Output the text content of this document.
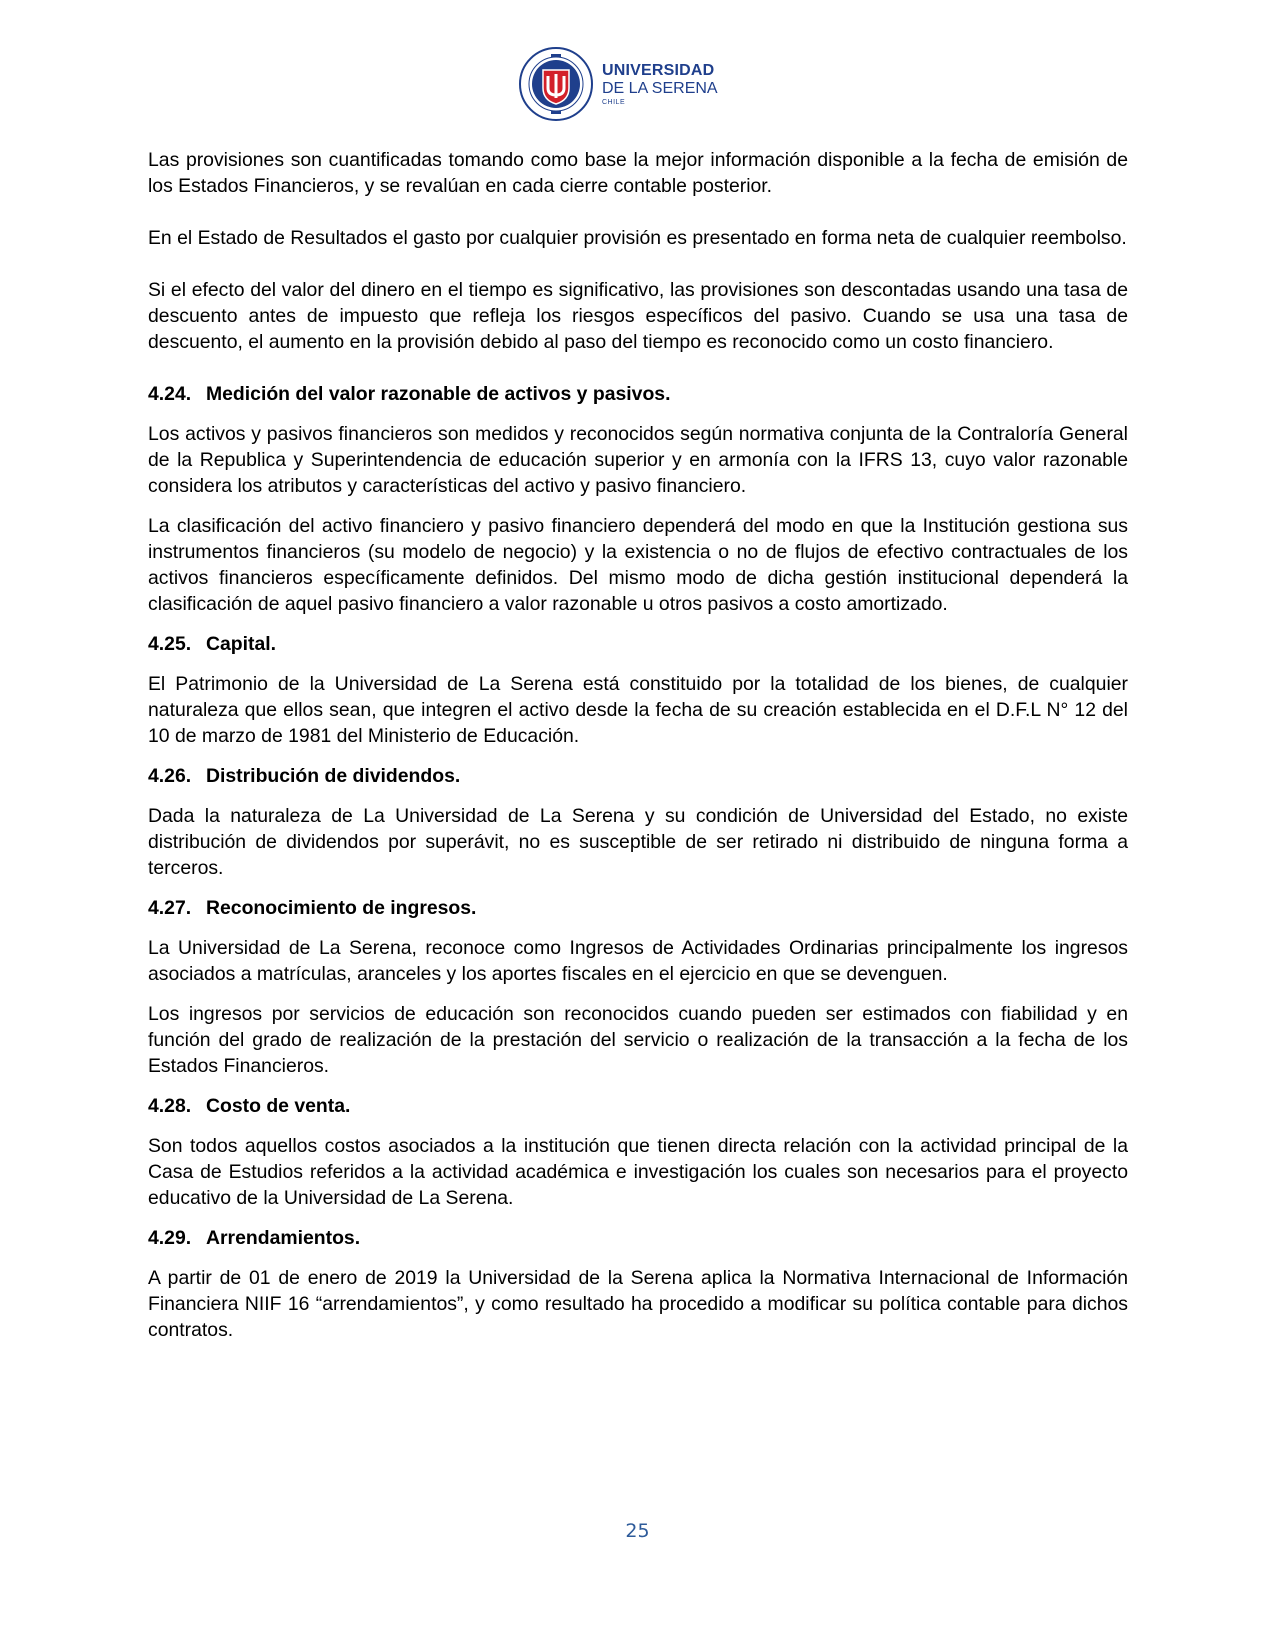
UNIVERSIDAD
DE LA SERENA
CHILE

Las provisiones son cuantificadas tomando como base la mejor información disponible a la fecha de emisión de los Estados Financieros, y se revalúan en cada cierre contable posterior.

En el Estado de Resultados el gasto por cualquier provisión es presentado en forma neta de cualquier reembolso.

Si el efecto del valor del dinero en el tiempo es significativo, las provisiones son descontadas usando una tasa de descuento antes de impuesto que refleja los riesgos específicos del pasivo. Cuando se usa una tasa de descuento, el aumento en la provisión debido al paso del tiempo es reconocido como un costo financiero.

4.24. Medición del valor razonable de activos y pasivos.

Los activos y pasivos financieros son medidos y reconocidos según normativa conjunta de la Contraloría General de la Republica y Superintendencia de educación superior y en armonía con la IFRS 13, cuyo valor razonable considera los atributos y características del activo y pasivo financiero.

La clasificación del activo financiero y pasivo financiero dependerá del modo en que la Institución gestiona sus instrumentos financieros (su modelo de negocio) y la existencia o no de flujos de efectivo contractuales de los activos financieros específicamente definidos. Del mismo modo de dicha gestión institucional dependerá la clasificación de aquel pasivo financiero a valor razonable u otros pasivos a costo amortizado.

4.25. Capital.

El Patrimonio de la Universidad de La Serena está constituido por la totalidad de los bienes, de cualquier naturaleza que ellos sean, que integren el activo desde la fecha de su creación establecida en el D.F.L N° 12 del 10 de marzo de 1981 del Ministerio de Educación.

4.26. Distribución de dividendos.

Dada la naturaleza de La Universidad de La Serena y su condición de Universidad del Estado, no existe distribución de dividendos por superávit, no es susceptible de ser retirado ni distribuido de ninguna forma a terceros.

4.27. Reconocimiento de ingresos.

La Universidad de La Serena, reconoce como Ingresos de Actividades Ordinarias principalmente los ingresos asociados a matrículas, aranceles y los aportes fiscales en el ejercicio en que se devenguen.

Los ingresos por servicios de educación son reconocidos cuando pueden ser estimados con fiabilidad y en función del grado de realización de la prestación del servicio o realización de la transacción a la fecha de los Estados Financieros.

4.28. Costo de venta.

Son todos aquellos costos asociados a la institución que tienen directa relación con la actividad principal de la Casa de Estudios referidos a la actividad académica e investigación los cuales son necesarios para el proyecto educativo de la Universidad de La Serena.

4.29. Arrendamientos.

A partir de 01 de enero de 2019 la Universidad de la Serena aplica la Normativa Internacional de Información Financiera NIIF 16 “arrendamientos”, y como resultado ha procedido a modificar su política contable para dichos contratos.

25
